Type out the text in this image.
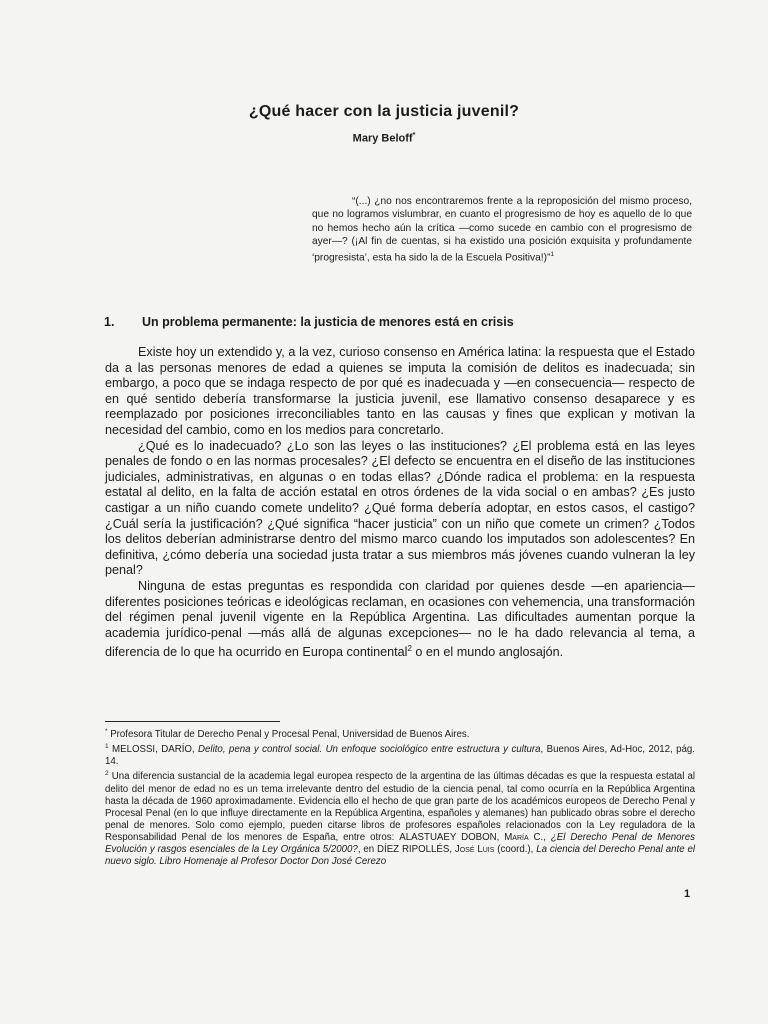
¿Qué hacer con la justicia juvenil?
Mary Beloff*

“(...) ¿no nos encontraremos frente a la reproposición del mismo proceso, que no logramos vislumbrar, en cuanto el progresismo de hoy es aquello de lo que no hemos hecho aún la crítica —como sucede en cambio con el progresismo de ayer—? (¡Al fin de cuentas, si ha existido una posición exquisita y profundamente ‘progresista’, esta ha sido la de la Escuela Positiva!)”$^1$

1. Un problema permanente: la justicia de menores está en crisis

Existe hoy un extendido y, a la vez, curioso consenso en América latina: la respuesta que el Estado da a las personas menores de edad a quienes se imputa la comisión de delitos es inadecuada; sin embargo, a poco que se indaga respecto de por qué es inadecuada y —en consecuencia— respecto de en qué sentido debería transformarse la justicia juvenil, ese llamativo consenso desaparece y es reemplazado por posiciones irreconciliables tanto en las causas y fines que explican y motivan la necesidad del cambio, como en los medios para concretarlo.

¿Qué es lo inadecuado? ¿Lo son las leyes o las instituciones? ¿El problema está en las leyes penales de fondo o en las normas procesales? ¿El defecto se encuentra en el diseño de las instituciones judiciales, administrativas, en algunas o en todas ellas? ¿Dónde radica el problema: en la respuesta estatal al delito, en la falta de acción estatal en otros órdenes de la vida social o en ambas? ¿Es justo castigar a un niño cuando comete undelito? ¿Qué forma debería adoptar, en estos casos, el castigo? ¿Cuál sería la justificación? ¿Qué significa “hacer justicia” con un niño que comete un crimen? ¿Todos los delitos deberían administrarse dentro del mismo marco cuando los imputados son adolescentes? En definitiva, ¿cómo debería una sociedad justa tratar a sus miembros más jóvenes cuando vulneran la ley penal?

Ninguna de estas preguntas es respondida con claridad por quienes desde —en apariencia— diferentes posiciones teóricas e ideológicas reclaman, en ocasiones con vehemencia, una transformación del régimen penal juvenil vigente en la República Argentina. Las dificultades aumentan porque la academia jurídico-penal —más allá de algunas excepciones— no le ha dado relevancia al tema, a diferencia de lo que ha ocurrido en Europa continental$^2$ o en el mundo anglosajón.

* Profesora Titular de Derecho Penal y Procesal Penal, Universidad de Buenos Aires.

$^1$ MELOSSI, DARÍO, Delito, pena y control social. Un enfoque sociológico entre estructura y cultura, Buenos Aires, Ad-Hoc, 2012, pág. 14.

$^2$ Una diferencia sustancial de la academia legal europea respecto de la argentina de las últimas décadas es que la respuesta estatal al delito del menor de edad no es un tema irrelevante dentro del estudio de la ciencia penal, tal como ocurría en la República Argentina hasta la década de 1960 aproximadamente. Evidencia ello el hecho de que gran parte de los académicos europeos de Derecho Penal y Procesal Penal (en lo que influye directamente en la República Argentina, españoles y alemanes) han publicado obras sobre el derecho penal de menores. Solo como ejemplo, pueden citarse libros de profesores españoles relacionados con la Ley reguladora de la Responsabilidad Penal de los menores de España, entre otros: ALASTUAEY DOBON, María C., ¿El Derecho Penal de Menores Evolución y rasgos esenciales de la Ley Orgánica 5/2000?, en DÍEZ RIPOLLÉS, José Luis (coord.), La ciencia del Derecho Penal ante el nuevo siglo. Libro Homenaje al Profesor Doctor Don José Cerezo

1
